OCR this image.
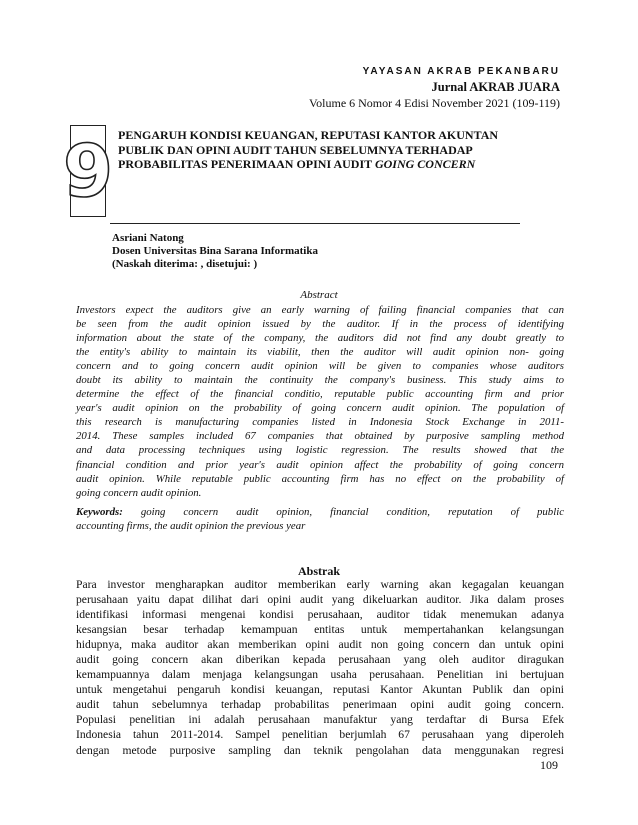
YAYASAN AKRAB PEKANBARU
Jurnal AKRAB JUARA
Volume 6 Nomor 4 Edisi November 2021 (109-119)
9 PENGARUH KONDISI KEUANGAN, REPUTASI KANTOR AKUNTAN
PUBLIK DAN OPINI AUDIT TAHUN SEBELUMNYA TERHADAP
PROBABILITAS PENERIMAAN OPINI AUDIT GOING CONCERN
Asriani Natong
Dosen Universitas Bina Sarana Informatika
(Naskah diterima: , disetujui: )
Abstract
Investors expect the auditors give an early warning of failing financial companies that can
be seen from the audit opinion issued by the auditor. If in the process of identifying
information about the state of the company, the auditors did not find any doubt greatly to
the entity's ability to maintain its viabilit, then the auditor will audit opinion non- going
concern and to going concern audit opinion will be given to companies whose auditors
doubt its ability to maintain the continuity the company's business. This study aims to
determine the effect of the financial conditio, reputable public accounting firm and prior
year's audit opinion on the probability of going concern audit opinion. The population of
this research is manufacturing companies listed in Indonesia Stock Exchange in 2011-
2014. These samples included 67 companies that obtained by purposive sampling method
and data processing techniques using logistic regression. The results showed that the
financial condition and prior year's audit opinion affect the probability of going concern
audit opinion. While reputable public accounting firm has no effect on the probability of
going concern audit opinion.
Keywords: going concern audit opinion, financial condition, reputation of public
accounting firms, the audit opinion the previous year
Abstrak
Para investor mengharapkan auditor memberikan early warning akan kegagalan keuangan
perusahaan yaitu dapat dilihat dari opini audit yang dikeluarkan auditor. Jika dalam proses
identifikasi informasi mengenai kondisi perusahaan, auditor tidak menemukan adanya
kesangsian besar terhadap kemampuan entitas untuk mempertahankan kelangsungan
hidupnya, maka auditor akan memberikan opini audit non going concern dan untuk opini
audit going concern akan diberikan kepada perusahaan yang oleh auditor diragukan
kemampuannya dalam menjaga kelangsungan usaha perusahaan. Penelitian ini bertujuan
untuk mengetahui pengaruh kondisi keuangan, reputasi Kantor Akuntan Publik dan opini
audit tahun sebelumnya terhadap probabilitas penerimaan opini audit going concern.
Populasi penelitian ini adalah perusahaan manufaktur yang terdaftar di Bursa Efek
Indonesia tahun 2011-2014. Sampel penelitian berjumlah 67 perusahaan yang diperoleh
dengan metode purposive sampling dan teknik pengolahan data menggunakan regresi
109
